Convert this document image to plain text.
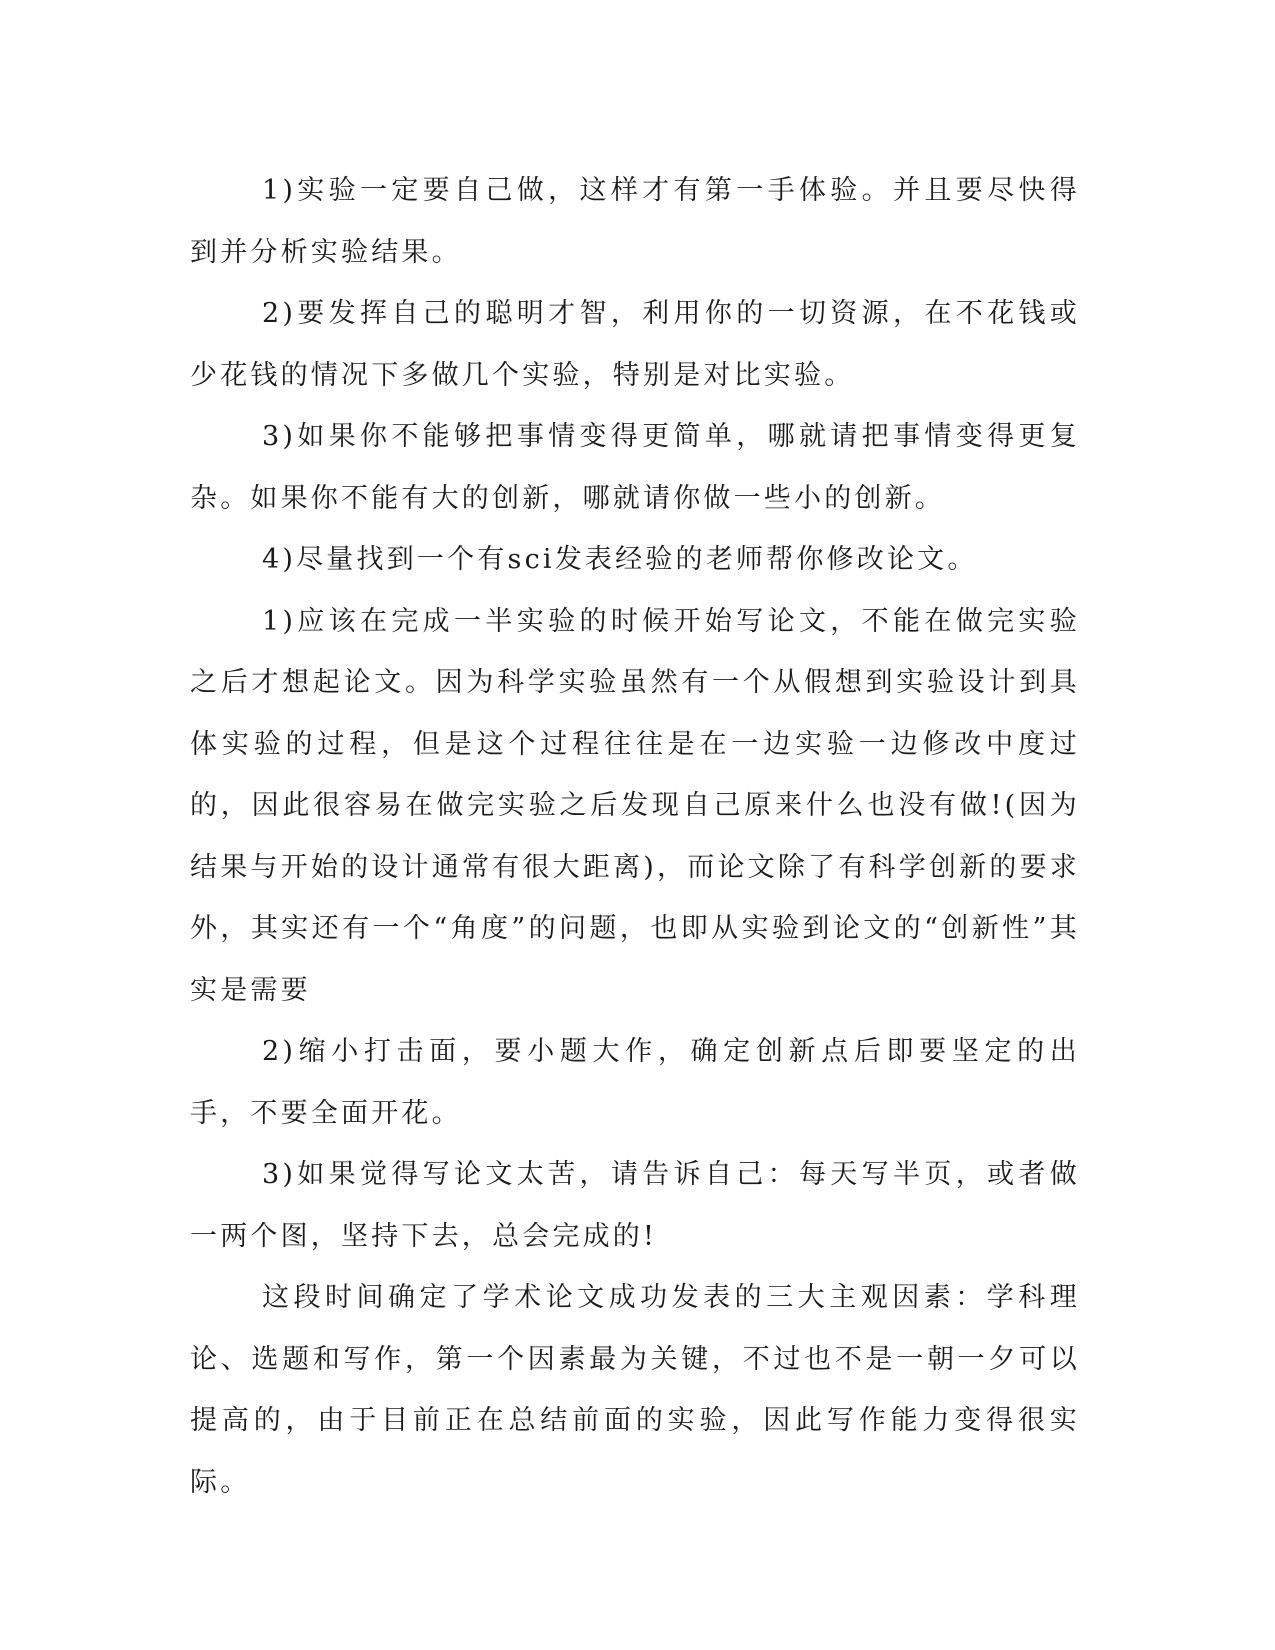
1)实验一定要自己做，这样才有第一手体验。并且要尽快得到并分析实验结果。

2)要发挥自己的聪明才智，利用你的一切资源，在不花钱或少花钱的情况下多做几个实验，特别是对比实验。

3)如果你不能够把事情变得更简单，哪就请把事情变得更复杂。如果你不能有大的创新，哪就请你做一些小的创新。

4)尽量找到一个有sci发表经验的老师帮你修改论文。

1)应该在完成一半实验的时候开始写论文，不能在做完实验之后才想起论文。因为科学实验虽然有一个从假想到实验设计到具体实验的过程，但是这个过程往往是在一边实验一边修改中度过的，因此很容易在做完实验之后发现自己原来什么也没有做!(因为结果与开始的设计通常有很大距离)，而论文除了有科学创新的要求外，其实还有一个“角度”的问题，也即从实验到论文的“创新性”其实是需要

2)缩小打击面，要小题大作，确定创新点后即要坚定的出手，不要全面开花。

3)如果觉得写论文太苦，请告诉自己：每天写半页，或者做一两个图，坚持下去，总会完成的!

这段时间确定了学术论文成功发表的三大主观因素：学科理论、选题和写作，第一个因素最为关键，不过也不是一朝一夕可以提高的，由于目前正在总结前面的实验，因此写作能力变得很实际。
